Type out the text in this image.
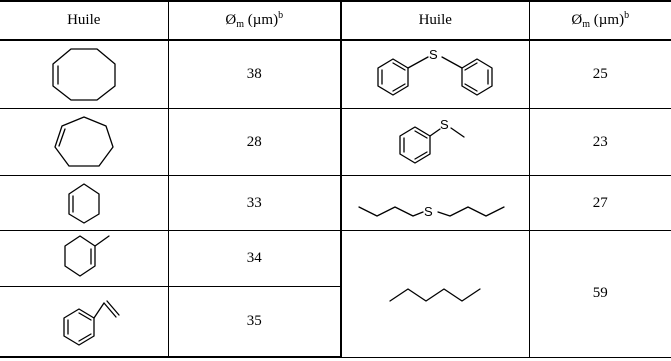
Huile	$Ø_m$ $(\mu m)^b$	Huile	$Ø_m$ $(\mu m)^b$

	38	S	25

	28	S	23

	33	S	27

	34		59

	35		
